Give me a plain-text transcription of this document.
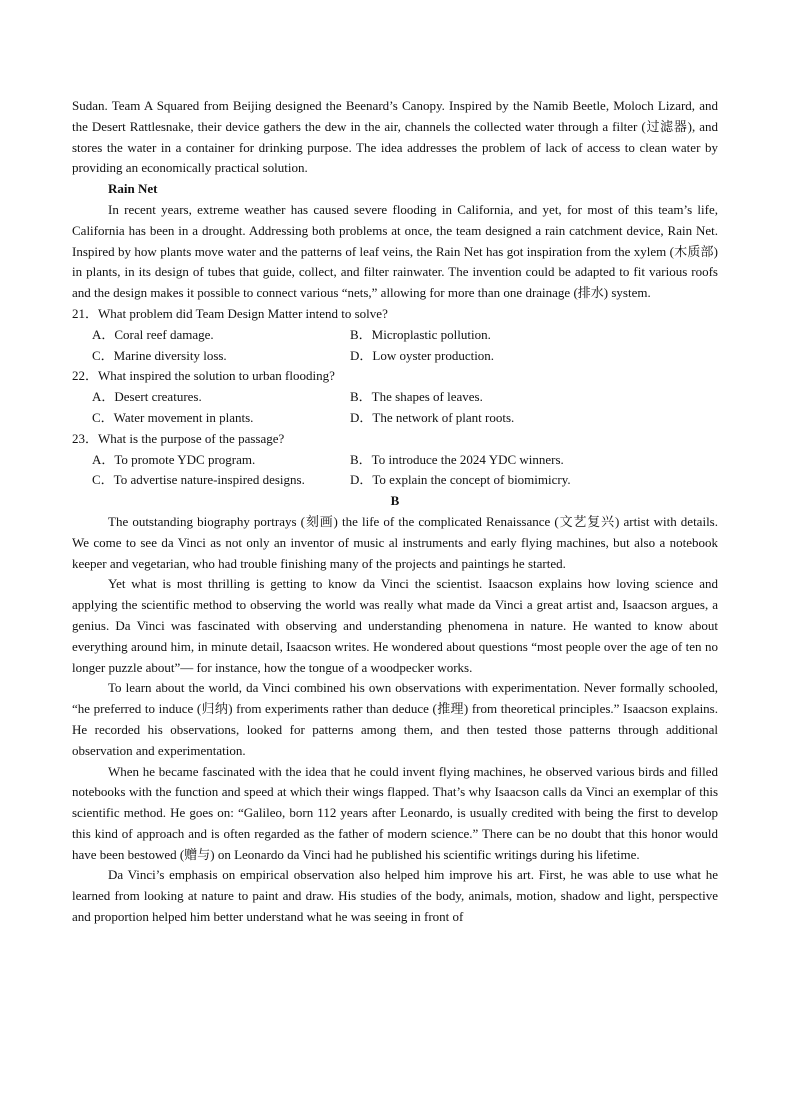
Sudan. Team A Squared from Beijing designed the Beenard’s Canopy. Inspired by the Namib Beetle, Moloch Lizard, and the Desert Rattlesnake, their device gathers the dew in the air, channels the collected water through a filter (过滤器), and stores the water in a container for drinking purpose. The idea addresses the problem of lack of access to clean water by providing an economically practical solution.

Rain Net

In recent years, extreme weather has caused severe flooding in California, and yet, for most of this team’s life, California has been in a drought. Addressing both problems at once, the team designed a rain catchment device, Rain Net. Inspired by how plants move water and the patterns of leaf veins, the Rain Net has got inspiration from the xylem (木质部) in plants, in its design of tubes that guide, collect, and filter rainwater. The invention could be adapted to fit various roofs and the design makes it possible to connect various “nets,” allowing for more than one drainage (排水) system.

21．What problem did Team Design Matter intend to solve?

A．Coral reef damage.	B．Microplastic pollution.
C．Marine diversity loss.	D．Low oyster production.

22．What inspired the solution to urban flooding?

A．Desert creatures.	B．The shapes of leaves.
C．Water movement in plants.	D．The network of plant roots.

23．What is the purpose of the passage?

A．To promote YDC program.	B．To introduce the 2024 YDC winners.
C．To advertise nature-inspired designs.	D．To explain the concept of biomimicry.

B

The outstanding biography portrays (刻画) the life of the complicated Renaissance (文艺复兴) artist with details. We come to see da Vinci as not only an inventor of music al instruments and early flying machines, but also a notebook keeper and vegetarian, who had trouble finishing many of the projects and paintings he started.

Yet what is most thrilling is getting to know da Vinci the scientist. Isaacson explains how loving science and applying the scientific method to observing the world was really what made da Vinci a great artist and, Isaacson argues, a genius. Da Vinci was fascinated with observing and understanding phenomena in nature. He wanted to know about everything around him, in minute detail, Isaacson writes. He wondered about questions “most people over the age of ten no longer puzzle about”— for instance, how the tongue of a woodpecker works.

To learn about the world, da Vinci combined his own observations with experimentation. Never formally schooled, “he preferred to induce (归纳) from experiments rather than deduce (推理) from theoretical principles.” Isaacson explains. He recorded his observations, looked for patterns among them, and then tested those patterns through additional observation and experimentation.

When he became fascinated with the idea that he could invent flying machines, he observed various birds and filled notebooks with the function and speed at which their wings flapped. That’s why Isaacson calls da Vinci an exemplar of this scientific method. He goes on: “Galileo, born 112 years after Leonardo, is usually credited with being the first to develop this kind of approach and is often regarded as the father of modern science.” There can be no doubt that this honor would have been bestowed (赠与) on Leonardo da Vinci had he published his scientific writings during his lifetime.

Da Vinci’s emphasis on empirical observation also helped him improve his art. First, he was able to use what he learned from looking at nature to paint and draw. His studies of the body, animals, motion, shadow and light, perspective and proportion helped him better understand what he was seeing in front of
